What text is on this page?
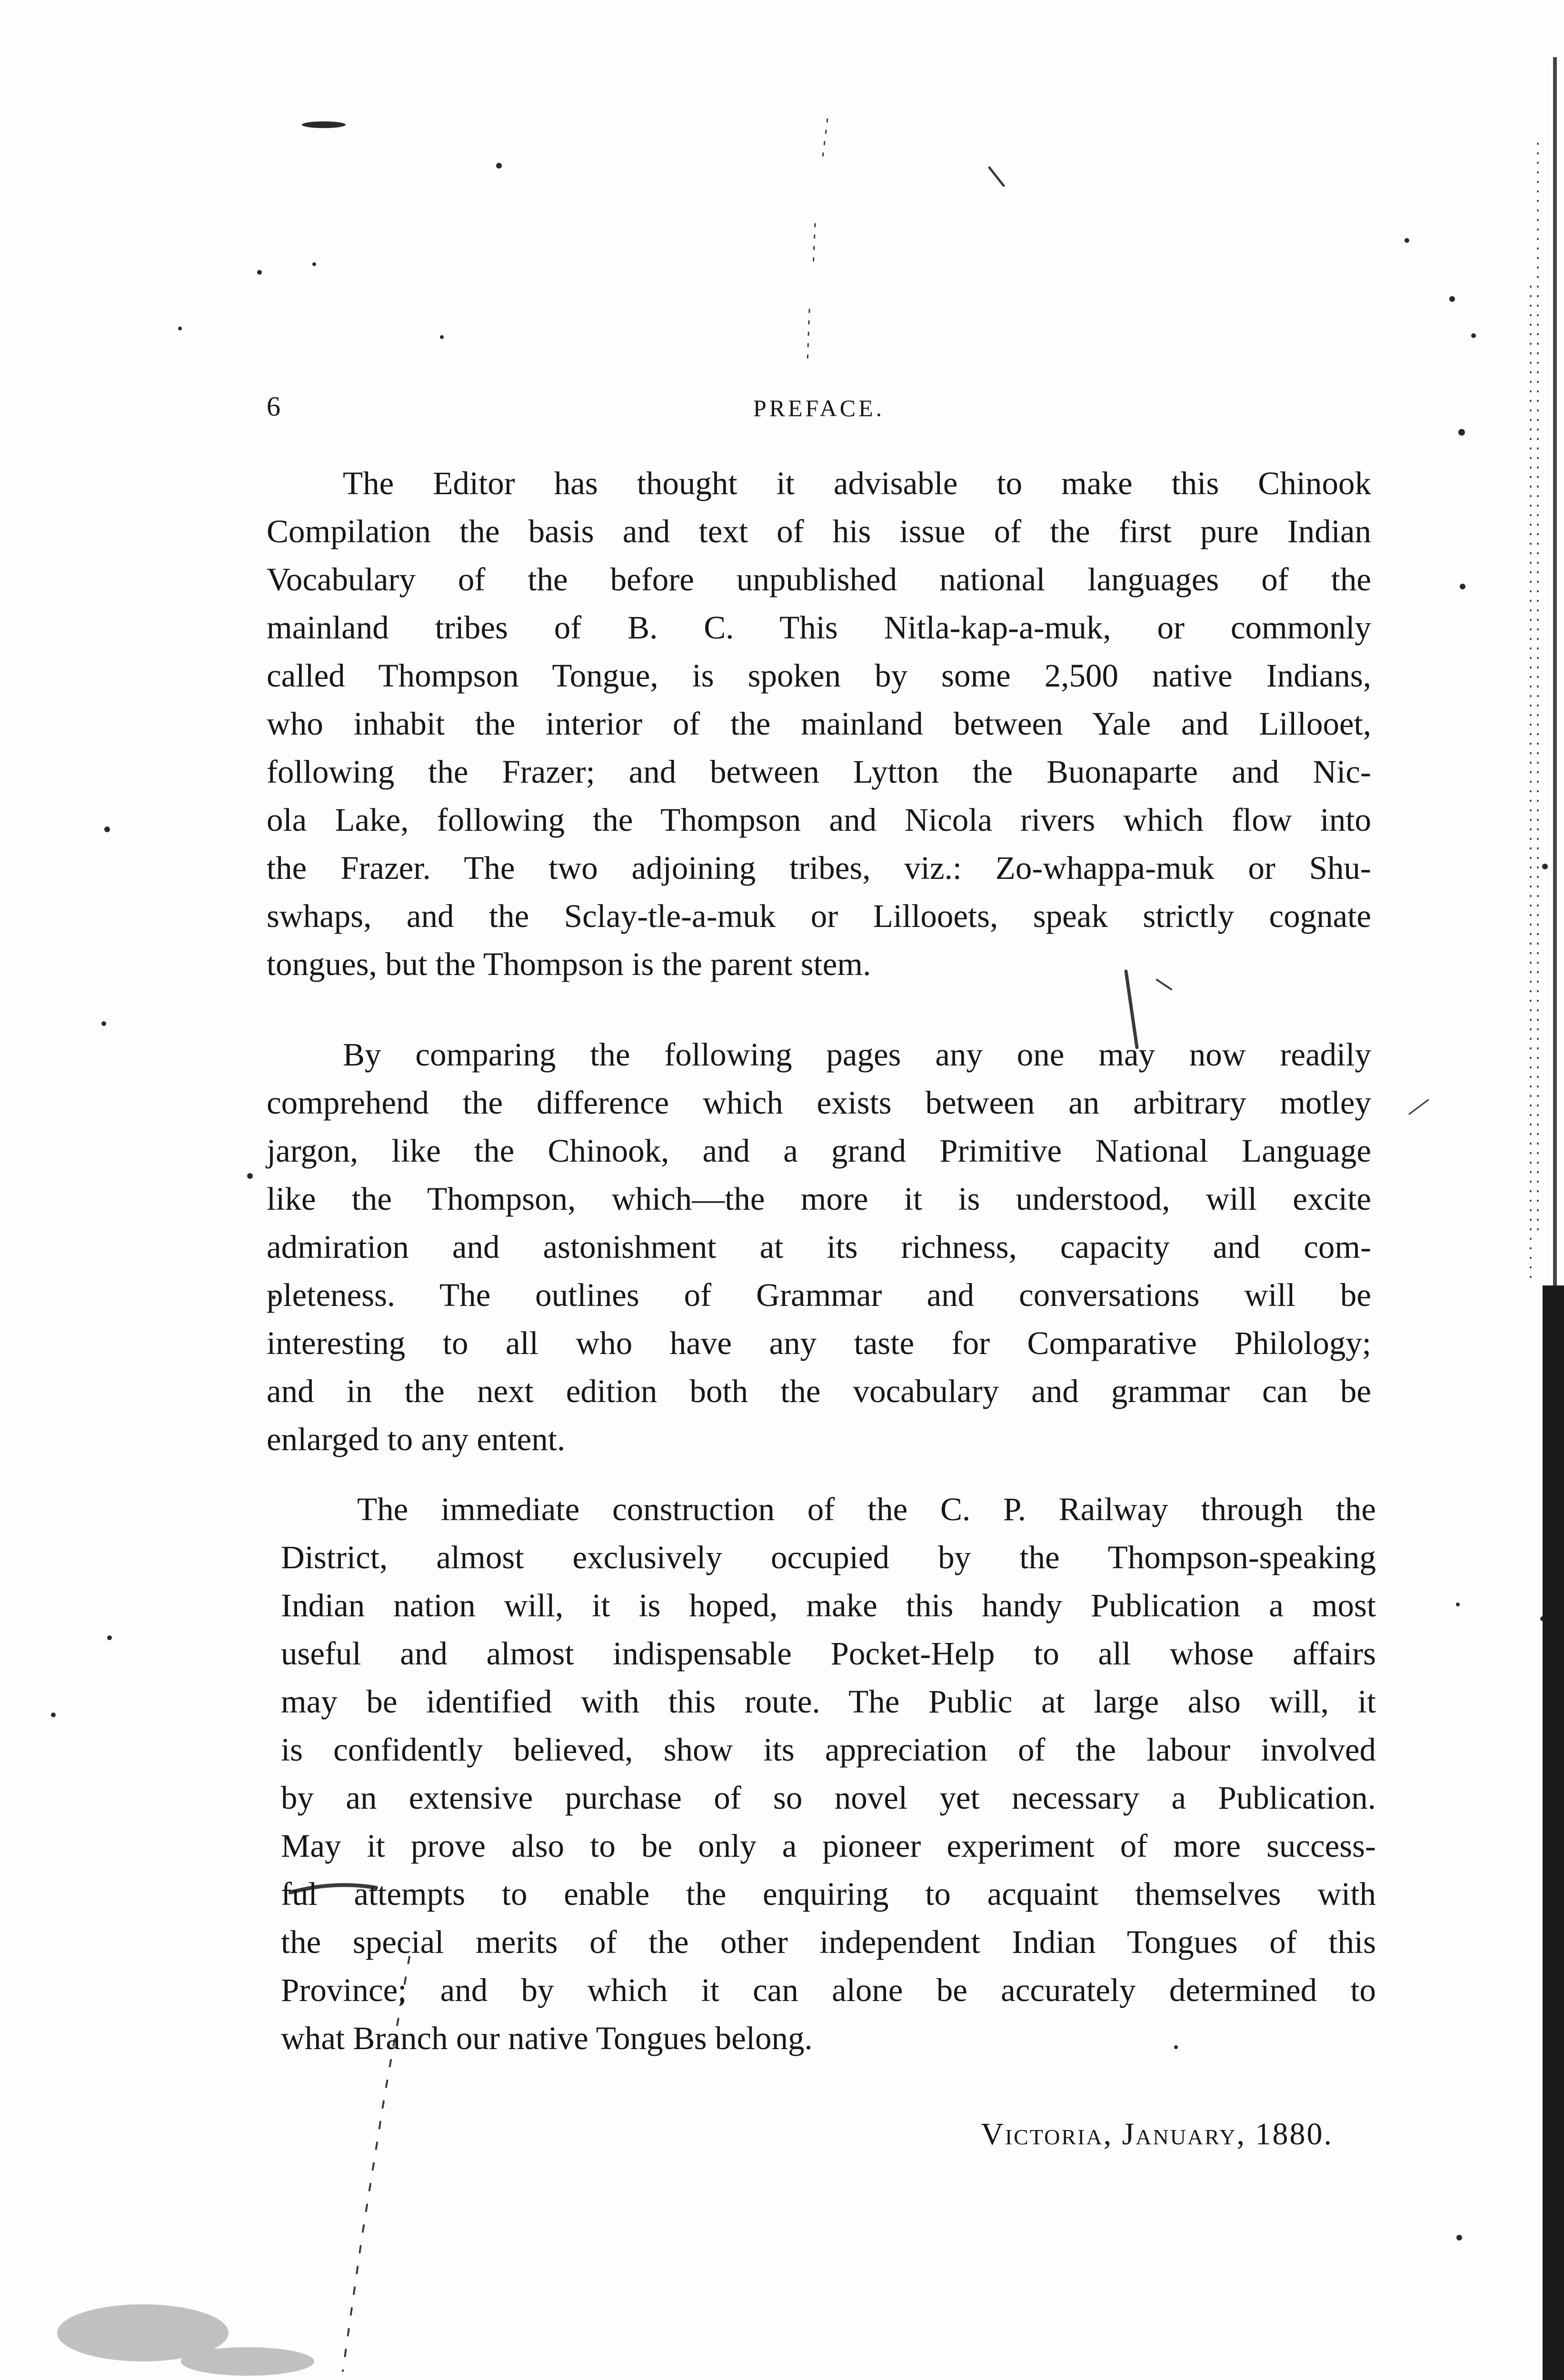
6	PREFACE.
The Editor has thought it advisable to make this Chinook
Compilation the basis and text of his issue of the first pure Indian
Vocabulary of the before unpublished national languages of the
mainland tribes of B. C. This Nitla-kap-a-muk, or commonly
called Thompson Tongue, is spoken by some 2,500 native Indians,
who inhabit the interior of the mainland between Yale and Lillooet,
following the Frazer; and between Lytton the Buonaparte and Nic-
ola Lake, following the Thompson and Nicola rivers which flow into
the Frazer. The two adjoining tribes, viz.: Zo-whappa-muk or Shu-
swhaps, and the Sclay-tle-a-muk or Lillooets, speak strictly cognate
tongues, but the Thompson is the parent stem.
By comparing the following pages any one may now readily
comprehend the difference which exists between an arbitrary motley
jargon, like the Chinook, and a grand Primitive National Language
like the Thompson, which—the more it is understood, will excite
admiration and astonishment at its richness, capacity and com-
pleteness. The outlines of Grammar and conversations will be
interesting to all who have any taste for Comparative Philology;
and in the next edition both the vocabulary and grammar can be
enlarged to any entent.
The immediate construction of the C. P. Railway through the
District, almost exclusively occupied by the Thompson-speaking
Indian nation will, it is hoped, make this handy Publication a most
useful and almost indispensable Pocket-Help to all whose affairs
may be identified with this route. The Public at large also will, it
is confidently believed, show its appreciation of the labour involved
by an extensive purchase of so novel yet necessary a Publication.
May it prove also to be only a pioneer experiment of more success-
ful attempts to enable the enquiring to acquaint themselves with
the special merits of the other independent Indian Tongues of this
Province; and by which it can alone be accurately determined to
what Branch our native Tongues belong.
Victoria, January, 1880.
